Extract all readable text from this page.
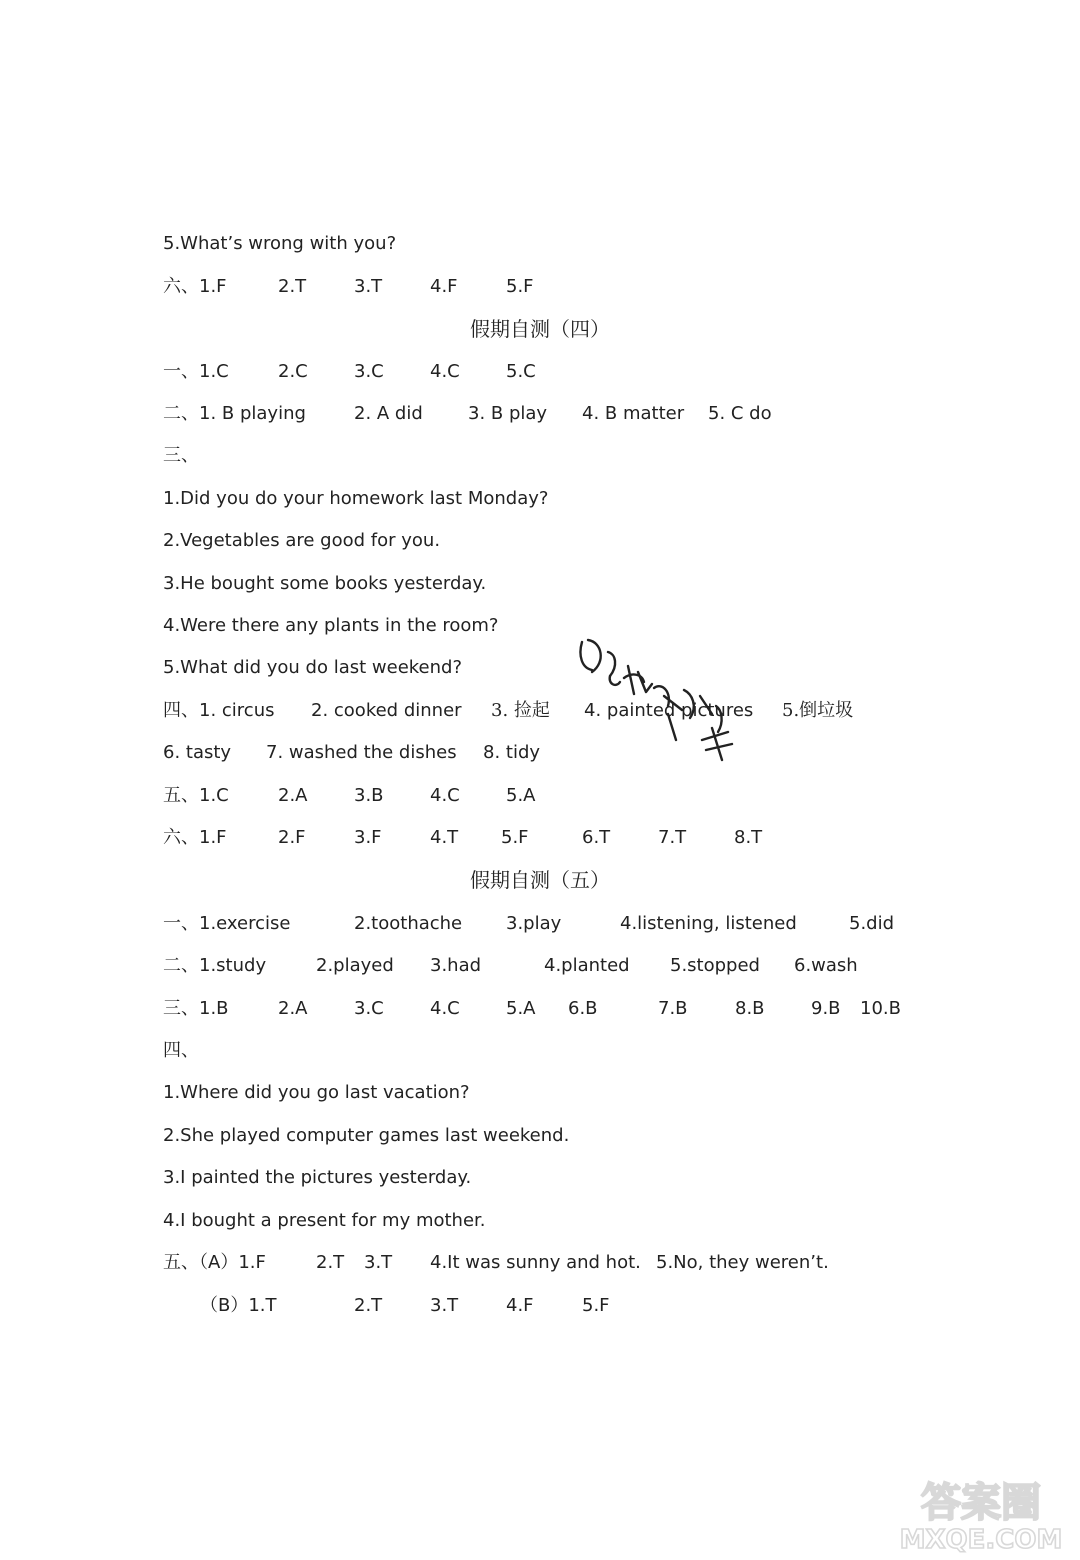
5.What’s wrong with you?
六、1.F	2.T	3.T	4.F	5.F
假期自测（四）
一、1.C	2.C	3.C	4.C	5.C
二、1. B playing	2. A did	3. B play 4. B matter 5. C do
三、
1.Did you do your homework last Monday?
2.Vegetables are good for you.
3.He bought some books yesterday.
4.Were there any plants in the room?
5.What did you do last weekend?
四、1. circus 2. cooked dinner 3. 捡起 4. painted pictures 5.倒垃圾
6. tasty 7. washed the dishes 8. tidy
五、1.C	2.A	3.B	4.C	5.A
六、1.F	2.F	3.F	4.T 5.F	6.T	7.T	8.T
假期自测（五）
一、1.exercise	2.toothache 3.play	4.listening, listened	5.did
二、1.study	2.played 3.had	4.planted 5.stopped 6.wash
三、1.B	2.A	3.C	4.C	5.A 6.B	7.B	8.B	9.B 10.B
四、
1.Where did you go last vacation?
2.She played computer games last weekend.
3.I painted the pictures yesterday.
4.I bought a present for my mother.
五、（A）1.F	2.T 3.T 4.It was sunny and hot. 5.No, they weren’t.
（B）1.T	2.T	3.T	4.F	5.F
答案圈
MXQE.COM
